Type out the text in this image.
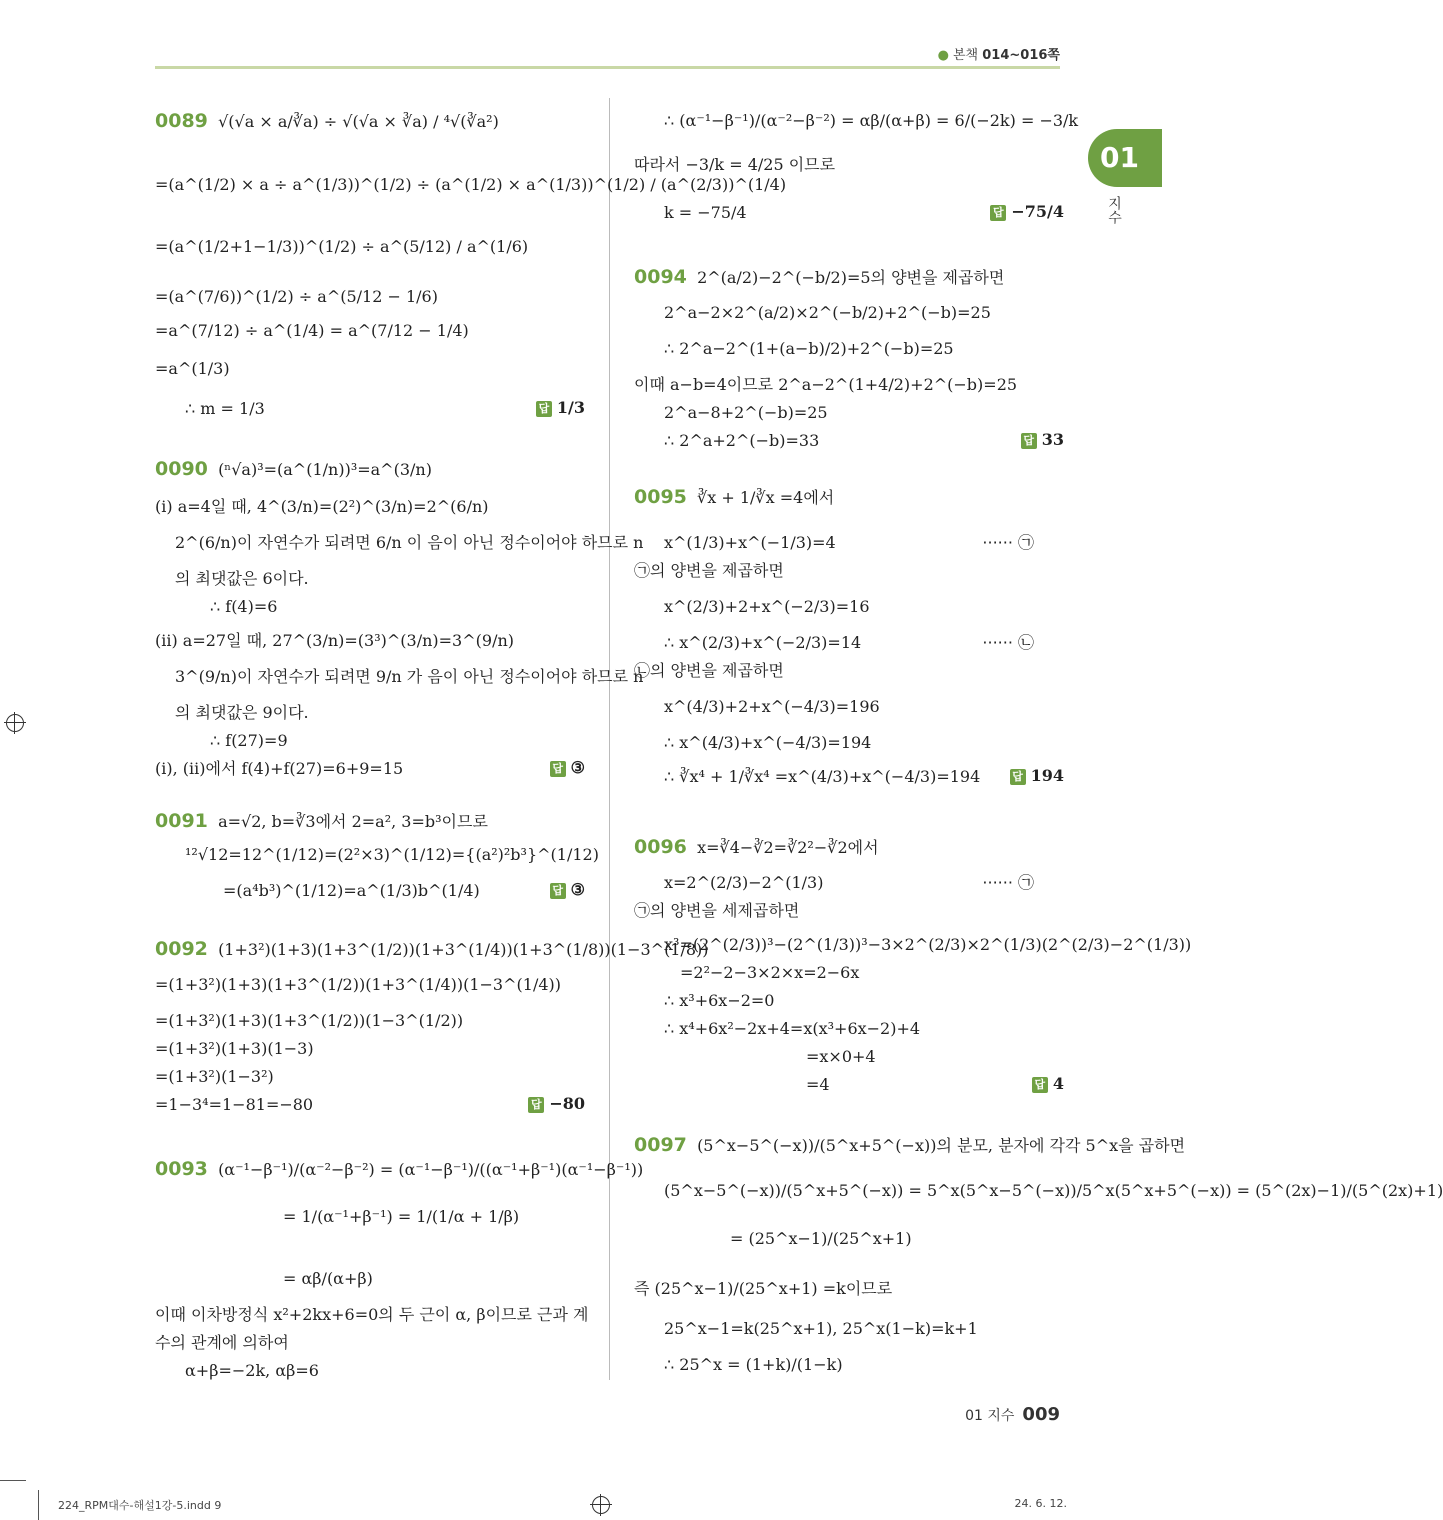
● 본책 014~016쪽
01
지수
0089 √(√a × a/∛a) ÷ √(√a × ∛a) / ⁴√(∛a²)
=(a^(1/2) × a ÷ a^(1/3))^(1/2) ÷ (a^(1/2) × a^(1/3))^(1/2) / (a^(2/3))^(1/4)
=(a^(1/2+1−1/3))^(1/2) ÷ a^(5/12) / a^(1/6)
=(a^(7/6))^(1/2) ÷ a^(5/12 − 1/6)
=a^(7/12) ÷ a^(1/4) = a^(7/12 − 1/4)
=a^(1/3)
∴ m = 1/3	답 1/3
0090 (ⁿ√a)³=(a^(1/n))³=a^(3/n)
(i) a=4일 때, 4^(3/n)=(2²)^(3/n)=2^(6/n)
2^(6/n)이 자연수가 되려면 6/n 이 음이 아닌 정수이어야 하므로 n
의 최댓값은 6이다.
∴ f(4)=6
(ii) a=27일 때, 27^(3/n)=(3³)^(3/n)=3^(9/n)
3^(9/n)이 자연수가 되려면 9/n 가 음이 아닌 정수이어야 하므로 n
의 최댓값은 9이다.
∴ f(27)=9
(i), (ii)에서 f(4)+f(27)=6+9=15	답 ③
0091 a=√2, b=∛3에서 2=a², 3=b³이므로
¹²√12=12^(1/12)=(2²×3)^(1/12)={(a²)²b³}^(1/12)
=(a⁴b³)^(1/12)=a^(1/3)b^(1/4)	답 ③
0092 (1+3²)(1+3)(1+3^(1/2))(1+3^(1/4))(1+3^(1/8))(1−3^(1/8))
=(1+3²)(1+3)(1+3^(1/2))(1+3^(1/4))(1−3^(1/4))
=(1+3²)(1+3)(1+3^(1/2))(1−3^(1/2))
=(1+3²)(1+3)(1−3)
=(1+3²)(1−3²)
=1−3⁴=1−81=−80	답 −80
0093 (α⁻¹−β⁻¹)/(α⁻²−β⁻²) = (α⁻¹−β⁻¹)/((α⁻¹+β⁻¹)(α⁻¹−β⁻¹))
= 1/(α⁻¹+β⁻¹) = 1/(1/α + 1/β)
= αβ/(α+β)
이때 이차방정식 x²+2kx+6=0의 두 근이 α, β이므로 근과 계
수의 관계에 의하여
α+β=−2k, αβ=6
∴ (α⁻¹−β⁻¹)/(α⁻²−β⁻²) = αβ/(α+β) = 6/(−2k) = −3/k
따라서 −3/k = 4/25 이므로
k = −75/4	답 −75/4
0094 2^(a/2)−2^(−b/2)=5의 양변을 제곱하면
2^a−2×2^(a/2)×2^(−b/2)+2^(−b)=25
∴ 2^a−2^(1+(a−b)/2)+2^(−b)=25
이때 a−b=4이므로 2^a−2^(1+4/2)+2^(−b)=25
2^a−8+2^(−b)=25
∴ 2^a+2^(−b)=33	답 33
0095 ∛x + 1/∛x =4에서
x^(1/3)+x^(−1/3)=4	······ ㉠
㉠의 양변을 제곱하면
x^(2/3)+2+x^(−2/3)=16
∴ x^(2/3)+x^(−2/3)=14	······ ㉡
㉡의 양변을 제곱하면
x^(4/3)+2+x^(−4/3)=196
∴ x^(4/3)+x^(−4/3)=194
∴ ∛x⁴ + 1/∛x⁴ =x^(4/3)+x^(−4/3)=194	답 194
0096 x=∛4−∛2=∛2²−∛2에서
x=2^(2/3)−2^(1/3)	······ ㉠
㉠의 양변을 세제곱하면
x³=(2^(2/3))³−(2^(1/3))³−3×2^(2/3)×2^(1/3)(2^(2/3)−2^(1/3))
=2²−2−3×2×x=2−6x
∴ x³+6x−2=0
∴ x⁴+6x²−2x+4=x(x³+6x−2)+4
=x×0+4
=4	답 4
0097 (5^x−5^(−x))/(5^x+5^(−x))의 분모, 분자에 각각 5^x을 곱하면
(5^x−5^(−x))/(5^x+5^(−x)) = 5^x(5^x−5^(−x))/5^x(5^x+5^(−x)) = (5^(2x)−1)/(5^(2x)+1)
= (25^x−1)/(25^x+1)
즉 (25^x−1)/(25^x+1) =k이므로
25^x−1=k(25^x+1), 25^x(1−k)=k+1
∴ 25^x = (1+k)/(1−k)
01 지수 009
224_RPM대수-해설1강-5.indd 9	24. 6. 12.
